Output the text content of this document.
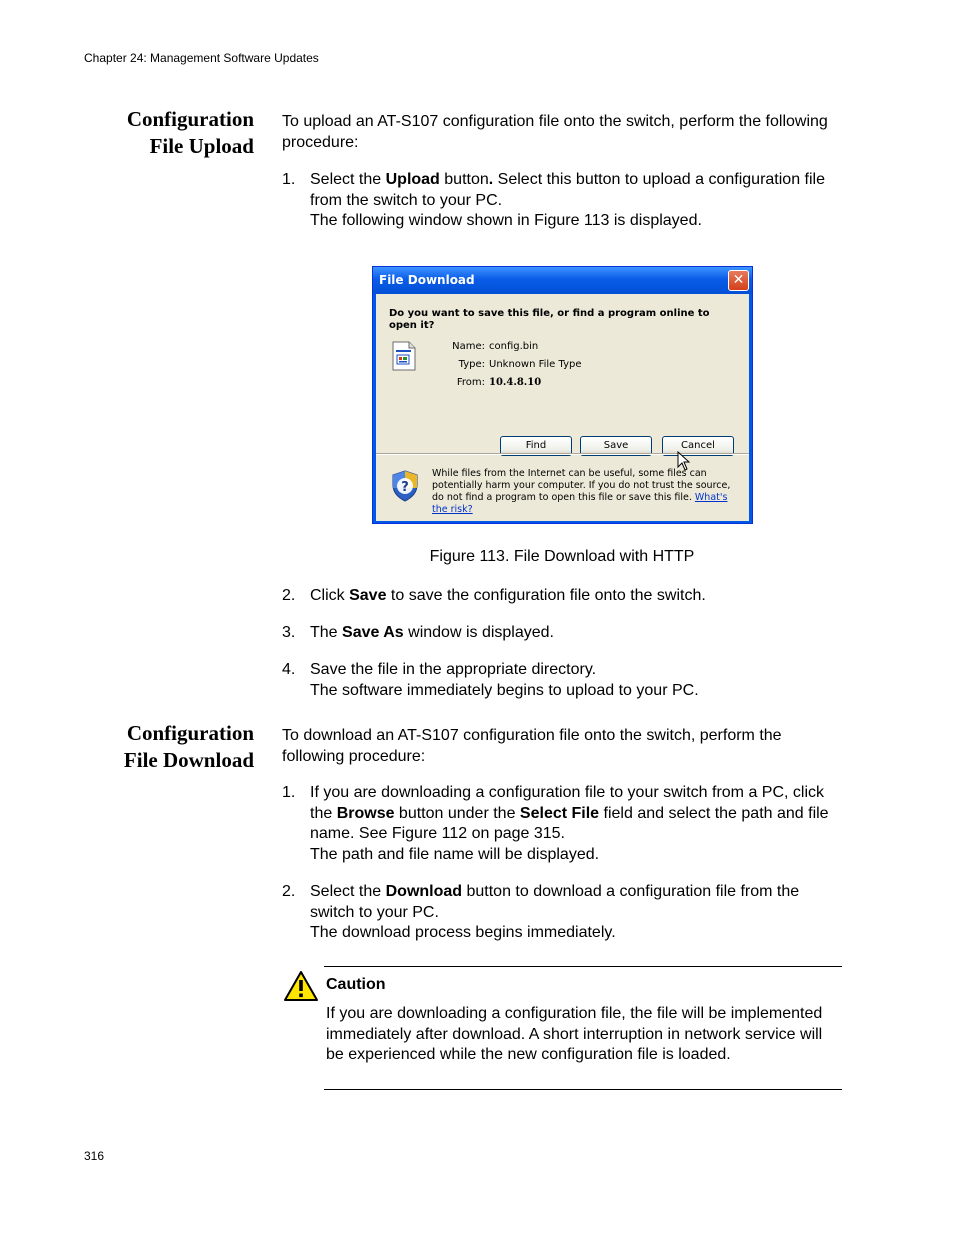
Chapter 24: Management Software Updates
Configuration
File Upload
To upload an AT-S107 configuration file onto the switch, perform the following procedure:
1. Select the Upload button. Select this button to upload a configuration file from the switch to your PC.
The following window shown in Figure 113 is displayed.
File Download	✕
Do you want to save this file, or find a program online to open it?
Name: config.bin
Type: Unknown File Type
From: 10.4.8.10
Find	Save	Cancel
?
While files from the Internet can be useful, some files can potentially harm your computer. If you do not trust the source, do not find a program to open this file or save this file. What's the risk?
Figure 113. File Download with HTTP
2. Click Save to save the configuration file onto the switch.
3. The Save As window is displayed.
4. Save the file in the appropriate directory.
The software immediately begins to upload to your PC.
Configuration
File Download
To download an AT-S107 configuration file onto the switch, perform the following procedure:
1. If you are downloading a configuration file to your switch from a PC, click the Browse button under the Select File field and select the path and file name. See Figure 112 on page 315.
The path and file name will be displayed.
2. Select the Download button to download a configuration file from the switch to your PC.
The download process begins immediately.
Caution
If you are downloading a configuration file, the file will be implemented immediately after download. A short interruption in network service will be experienced while the new configuration file is loaded.
316
